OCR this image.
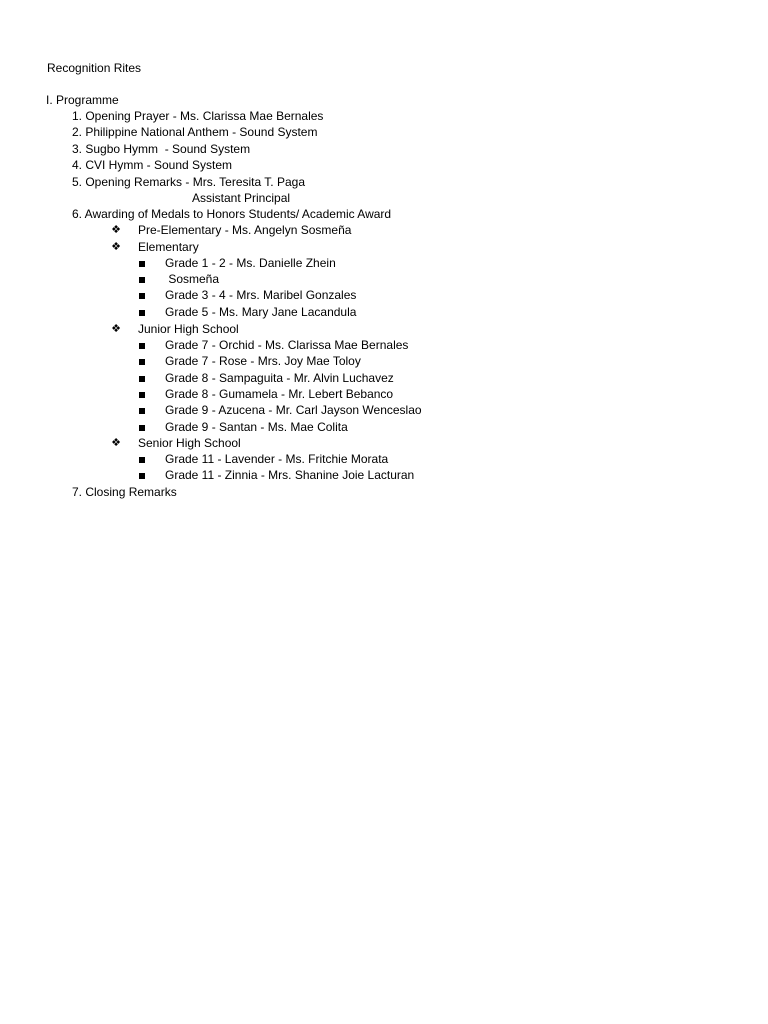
Recognition Rites
I. Programme
1. Opening Prayer - Ms. Clarissa Mae Bernales
2. Philippine National Anthem - Sound System
3. Sugbo Hymm  - Sound System
4. CVI Hymm - Sound System
5. Opening Remarks - Mrs. Teresita T. Paga
Assistant Principal
6. Awarding of Medals to Honors Students/ Academic Award
❖ Pre-Elementary - Ms. Angelyn Sosmeña
❖ Elementary
Grade 1 - 2 - Ms. Danielle Zhein
Sosmeña
Grade 3 - 4 - Mrs. Maribel Gonzales
Grade 5 - Ms. Mary Jane Lacandula
❖ Junior High School
Grade 7 - Orchid - Ms. Clarissa Mae Bernales
Grade 7 - Rose - Mrs. Joy Mae Toloy
Grade 8 - Sampaguita - Mr. Alvin Luchavez
Grade 8 - Gumamela - Mr. Lebert Bebanco
Grade 9 - Azucena - Mr. Carl Jayson Wenceslao
Grade 9 - Santan - Ms. Mae Colita
❖ Senior High School
Grade 11 - Lavender - Ms. Fritchie Morata
Grade 11 - Zinnia - Mrs. Shanine Joie Lacturan
7. Closing Remarks
